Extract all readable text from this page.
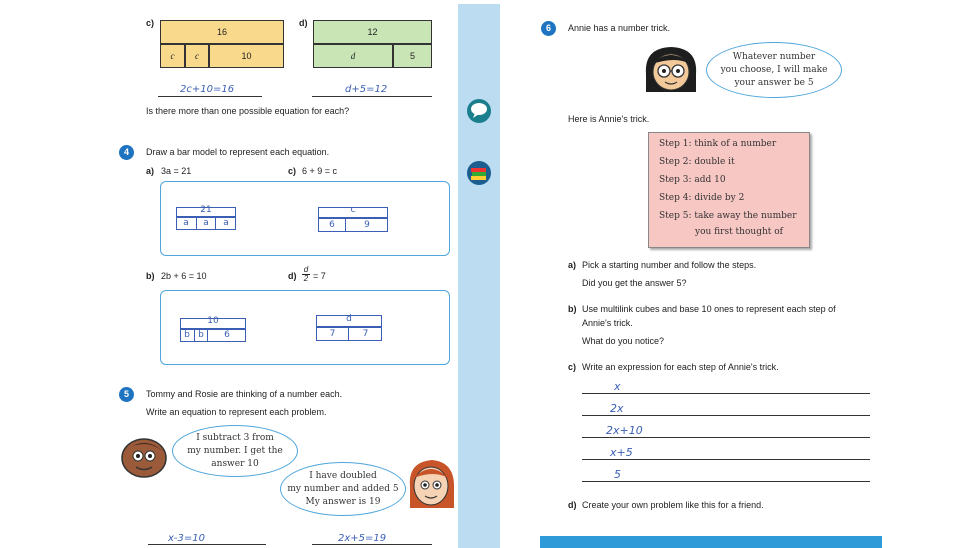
c)
16
c c	10
d)
12
d	5
2c+10=16	d+5=12
Is there more than one possible equation for each?
4	Draw a bar model to represent each equation.
a) 3a = 21	c) 6 + 9 = c
21
a	a	a
c
6	9
b) 2b + 6 = 10	$d) \frac{d}{2} = 7$
10
b b	6
d
7	7
5	Tommy and Rosie are thinking of a number each.
Write an equation to represent each problem.
I subtract 3 from
my number. I get the
answer 10
I have doubled
my number and added 5
My answer is 19
x-3=10	2x+5=19
6	Annie has a number trick.
Whatever number
you choose, I will make
your answer be 5
Here is Annie's trick.
Step 1: think of a number
Step 2: double it
Step 3: add 10
Step 4: divide by 2
Step 5: take away the number
you first thought of
a) Pick a starting number and follow the steps.
Did you get the answer 5?
b) Use multilink cubes and base 10 ones to represent each step of
Annie's trick.
What do you notice?
c) Write an expression for each step of Annie's trick.
x
2x
2x+10
x+5
5
d) Create your own problem like this for a friend.
